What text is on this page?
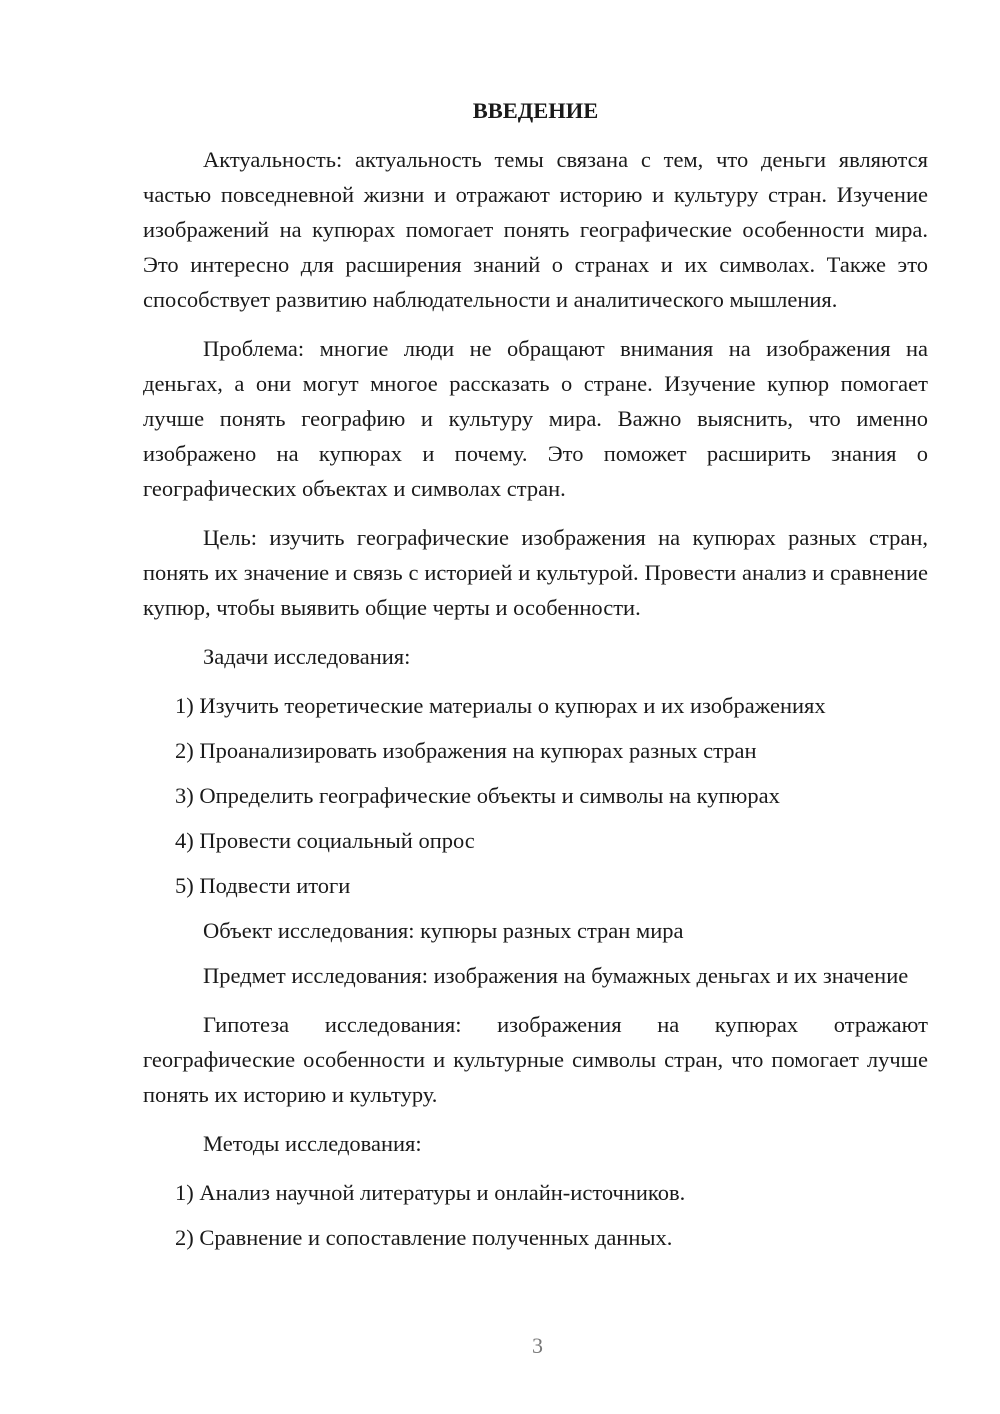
ВВЕДЕНИЕ

Актуальность: актуальность темы связана с тем, что деньги являются частью повседневной жизни и отражают историю и культуру стран. Изучение изображений на купюрах помогает понять географические особенности мира. Это интересно для расширения знаний о странах и их символах. Также это способствует развитию наблюдательности и аналитического мышления.

Проблема: многие люди не обращают внимания на изображения на деньгах, а они могут многое рассказать о стране. Изучение купюр помогает лучше понять географию и культуру мира. Важно выяснить, что именно изображено на купюрах и почему. Это поможет расширить знания о географических объектах и символах стран.

Цель: изучить географические изображения на купюрах разных стран, понять их значение и связь с историей и культурой. Провести анализ и сравнение купюр, чтобы выявить общие черты и особенности.

Задачи исследования:
1) Изучить теоретические материалы о купюрах и их изображениях
2) Проанализировать изображения на купюрах разных стран
3) Определить географические объекты и символы на купюрах
4) Провести социальный опрос
5) Подвести итоги
Объект исследования: купюры разных стран мира

Предмет исследования: изображения на бумажных деньгах и их значение

Гипотеза исследования: изображения на купюрах отражают географические особенности и культурные символы стран, что помогает лучше понять их историю и культуру.

Методы исследования:
1) Анализ научной литературы и онлайн-источников.
2) Сравнение и сопоставление полученных данных.
3
